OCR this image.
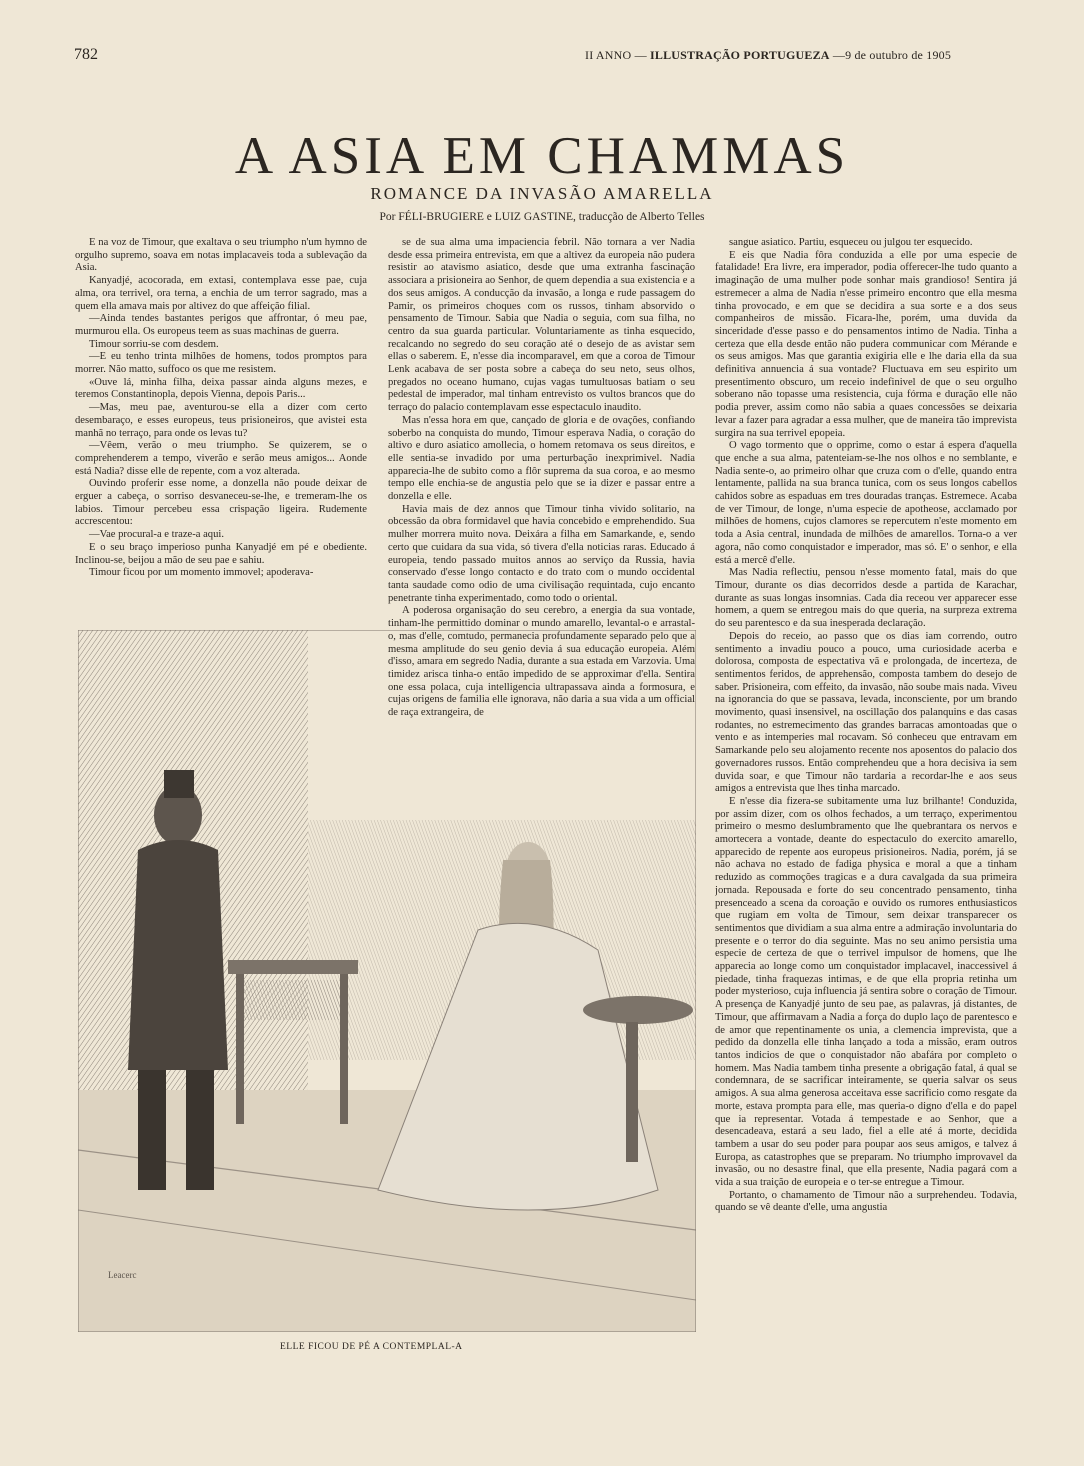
782	II ANNO — ILLUSTRAÇÃO PORTUGUEZA —9 de outubro de 1905
A ASIA EM CHAMMAS
ROMANCE DA INVASÃO AMARELLA
Por FÉLI-BRUGIERE e LUIZ GASTINE, traducção de Alberto Telles

E na voz de Timour, que exaltava o seu triumpho n'um hymno de orgulho supremo, soava em notas implacaveis toda a sublevação da Asia.

Kanyadjé, acocorada, em extasi, contemplava esse pae, cuja alma, ora terrivel, ora terna, a enchia de um terror sagrado, mas a quem ella amava mais por altivez do que affeição filial.

—Ainda tendes bastantes perigos que affrontar, ó meu pae, murmurou ella. Os europeus teem as suas machinas de guerra.

Timour sorriu-se com desdem.

—E eu tenho trinta milhões de homens, todos promptos para morrer. Não matto, suffoco os que me resistem.

«Ouve lá, minha filha, deixa passar ainda alguns mezes, e teremos Constantinopla, depois Vienna, depois Paris...

—Mas, meu pae, aventurou-se ella a dizer com certo desembaraço, e esses europeus, teus prisioneiros, que avistei esta manhã no terraço, para onde os levas tu?

—Vêem, verão o meu triumpho. Se quizerem, se o comprehenderem a tempo, viverão e serão meus amigos... Aonde está Nadia? disse elle de repente, com a voz alterada.

Ouvindo proferir esse nome, a donzella não poude deixar de erguer a cabeça, o sorriso desvaneceu-se-lhe, e tremeram-lhe os labios. Timour percebeu essa crispação ligeira. Rudemente accrescentou:

—Vae procural-a e traze-a aqui.

E o seu braço imperioso punha Kanyadjé em pé e obediente. Inclinou-se, beijou a mão de seu pae e sahiu.

Timour ficou por um momento immovel; apoderava-

se de sua alma uma impaciencia febril. Não tornara a ver Nadia desde essa primeira entrevista, em que a altivez da europeia não pudera resistir ao atavismo asiatico, desde que uma extranha fascinação associara a prisioneira ao Senhor, de quem dependia a sua existencia e a dos seus amigos. A conducção da invasão, a longa e rude passagem do Pamir, os primeiros choques com os russos, tinham absorvido o pensamento de Timour. Sabia que Nadia o seguia, com sua filha, no centro da sua guarda particular. Voluntariamente as tinha esquecido, recalcando no segredo do seu coração até o desejo de as avistar sem ellas o saberem. E, n'esse dia incomparavel, em que a coroa de Timour Lenk acabava de ser posta sobre a cabeça do seu neto, seus olhos, pregados no oceano humano, cujas vagas tumultuosas batiam o seu pedestal de imperador, mal tinham entrevisto os vultos brancos que do terraço do palacio contemplavam esse espectaculo inaudito.

Mas n'essa hora em que, cançado de gloria e de ovações, confiando soberbo na conquista do mundo, Timour esperava Nadia, o coração do altivo e duro asiatico amollecia, o homem retomava os seus direitos, e elle sentia-se invadido por uma perturbação inexprimivel. Nadia apparecia-lhe de subito como a flôr suprema da sua coroa, e ao mesmo tempo elle enchia-se de angustia pelo que se ia dizer e passar entre a donzella e elle.

Havia mais de dez annos que Timour tinha vivido solitario, na obcessão da obra formidavel que havia concebido e emprehendido. Sua mulher morrera muito nova. Deixára a filha em Samarkande, e, sendo certo que cuidara da sua vida, só tivera d'ella noticias raras. Educado á europeia, tendo passado muitos annos ao serviço da Russia, havia conservado d'esse longo contacto e do trato com o mundo occidental tanta saudade como odio de uma civilisação requintada, cujo encanto penetrante tinha experimentado, como todo o oriental.

A poderosa organisação do seu cerebro, a energia da sua vontade, tinham-lhe permittido dominar o mundo amarello, levantal-o e arrastal-o, mas d'elle, comtudo, permanecia profundamente separado pelo que a mesma amplitude do seu genio devia á sua educação europeia. Além d'isso, amara em segredo Nadia, durante a sua estada em Varzovia. Uma timidez arisca tinha-o então impedido de se approximar d'ella. Sentira one essa polaca, cuja intelligencia ultrapassava ainda a formosura, e cujas origens de familia elle ignorava, não daria a sua vida a um official de raça extrangeira, de

sangue asiatico. Partiu, esqueceu ou julgou ter esquecido.

E eis que Nadia fôra conduzida a elle por uma especie de fatalidade! Era livre, era imperador, podia offerecer-lhe tudo quanto a imaginação de uma mulher pode sonhar mais grandioso! Sentira já estremecer a alma de Nadia n'esse primeiro encontro que ella mesma tinha provocado, e em que se decidira a sua sorte e a dos seus companheiros de missão. Ficara-lhe, porém, uma duvida da sinceridade d'esse passo e do pensamentos intimo de Nadia. Tinha a certeza que ella desde então não pudera communicar com Mérande e os seus amigos. Mas que garantia exigiria elle e lhe daria ella da sua definitiva annuencia á sua vontade? Fluctuava em seu espirito um presentimento obscuro, um receio indefinivel de que o seu orgulho soberano não topasse uma resistencia, cuja fórma e duração elle não podia prever, assim como não sabia a quaes concessões se deixaria levar a fazer para agradar a essa mulher, que de maneira tão imprevista surgira na sua terrivel epopeia.

O vago tormento que o opprime, como o estar á espera d'aquella que enche a sua alma, patenteiam-se-lhe nos olhos e no semblante, e Nadia sente-o, ao primeiro olhar que cruza com o d'elle, quando entra lentamente, pallida na sua branca tunica, com os seus longos cabellos cahidos sobre as espaduas em tres douradas tranças. Estremece. Acaba de ver Timour, de longe, n'uma especie de apotheose, acclamado por milhões de homens, cujos clamores se repercutem n'este momento em toda a Asia central, inundada de milhões de amarellos. Torna-o a ver agora, não como conquistador e imperador, mas só. E' o senhor, e ella está a mercê d'elle.

Mas Nadia reflectiu, pensou n'esse momento fatal, mais do que Timour, durante os dias decorridos desde a partida de Karachar, durante as suas longas insomnias. Cada dia receou ver apparecer esse homem, a quem se entregou mais do que queria, na surpreza extrema do seu parentesco e da sua inesperada declaração.

Depois do receio, ao passo que os dias iam correndo, outro sentimento a invadiu pouco a pouco, uma curiosidade acerba e dolorosa, composta de espectativa vã e prolongada, de incerteza, de sentimentos feridos, de apprehensão, composta tambem do desejo de saber. Prisioneira, com effeito, da invasão, não soube mais nada. Viveu na ignorancia do que se passava, levada, inconsciente, por um brando movimento, quasi insensivel, na oscillação dos palanquins e das casas rodantes, no estremecimento das grandes barracas amontoadas que o vento e as intemperies mal rocavam. Só conheceu que entravam em Samarkande pelo seu alojamento recente nos aposentos do palacio dos governadores russos. Então comprehendeu que a hora decisiva ia sem duvida soar, e que Timour não tardaria a recordar-lhe e aos seus amigos a entrevista que lhes tinha marcado.

E n'esse dia fizera-se subitamente uma luz brilhante! Conduzida, por assim dizer, com os olhos fechados, a um terraço, experimentou primeiro o mesmo deslumbramento que lhe quebrantara os nervos e amortecera a vontade, deante do espectaculo do exercito amarello, apparecido de repente aos europeus prisioneiros. Nadia, porém, já se não achava no estado de fadiga physica e moral a que a tinham reduzido as commoções tragicas e a dura cavalgada da sua primeira jornada. Repousada e forte do seu concentrado pensamento, tinha presenceado a scena da coroação e ouvido os rumores enthusiasticos que rugiam em volta de Timour, sem deixar transparecer os sentimentos que dividiam a sua alma entre a admiração involuntaria do presente e o terror do dia seguinte. Mas no seu animo persistia uma especie de certeza de que o terrivel impulsor de homens, que lhe apparecia ao longe como um conquistador implacavel, inaccessivel á piedade, tinha fraquezas intimas, e de que ella propria retinha um poder mysterioso, cuja influencia já sentira sobre o coração de Timour. A presença de Kanyadjé junto de seu pae, as palavras, já distantes, de Timour, que affirmavam a Nadia a força do duplo laço de parentesco e de amor que repentinamente os unia, a clemencia imprevista, que a pedido da donzella elle tinha lançado a toda a missão, eram outros tantos indicios de que o conquistador não abafára por completo o homem. Mas Nadia tambem tinha presente a obrigação fatal, á qual se condemnara, de se sacrificar inteiramente, se queria salvar os seus amigos. A sua alma generosa acceitava esse sacrificio como resgate da morte, estava prompta para elle, mas queria-o digno d'ella e do papel que ia representar. Votada á tempestade e ao Senhor, que a desencadeava, estará a seu lado, fiel a elle até á morte, decidida tambem a usar do seu poder para poupar aos seus amigos, e talvez á Europa, as catastrophes que se preparam. No triumpho improvavel da invasão, ou no desastre final, que ella presente, Nadia pagará com a vida a sua traição de europeia e o ter-se entregue a Timour.

Portanto, o chamamento de Timour não a surprehendeu. Todavia, quando se vê deante d'elle, uma angustia

Leacerc
ELLE FICOU DE PÉ A CONTEMPLAL-A
